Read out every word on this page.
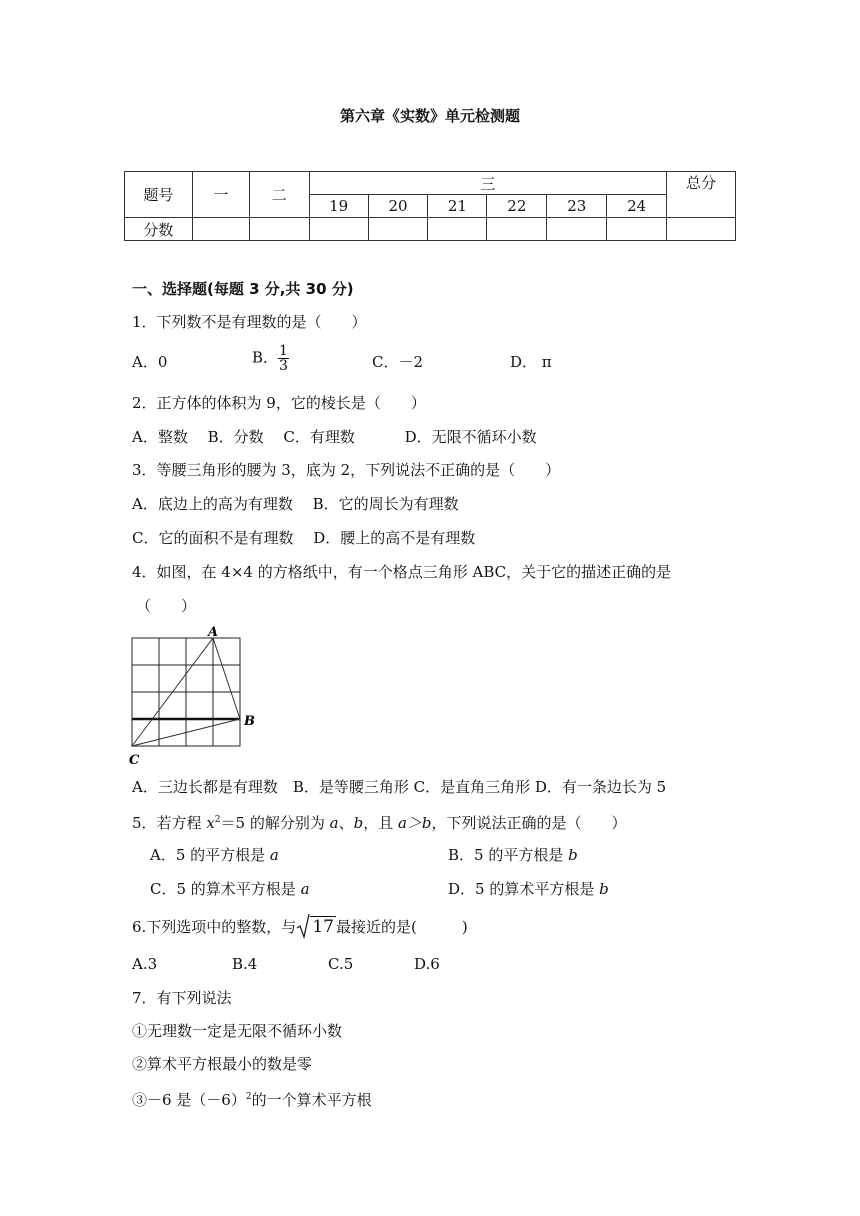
第六章《实数》单元检测题
题号	一	二	三						总分
			19	20	21	22	23	24	
分数									
一、选择题(每题 3 分,共 30 分)
1．下列数不是有理数的是（　　）
A．0	B． $\frac{1}{3}$	C．－2	D． π
2．正方体的体积为 9，它的棱长是（　　）
A．整数　 B．分数　 C．有理数　　　 D．无限不循环小数
3．等腰三角形的腰为 3，底为 2，下列说法不正确的是（　　）
A．底边上的高为有理数　 B．它的周长为有理数
C．它的面积不是有理数　 D．腰上的高不是有理数
4．如图，在 4×4 的方格纸中，有一个格点三角形 ABC，关于它的描述正确的是
（　　）
A
B
C
A．三边长都是有理数　B．是等腰三角形 C．是直角三角形 D．有一条边长为 5
5．若方程 $x^2=5$ 的解分别为 a、b，且 a＞b，下列说法正确的是（　　）
A．5 的平方根是 a	B．5 的平方根是 b
C．5 的算术平方根是 a	D．5 的算术平方根是 b
6.下列选项中的整数，与 17 最接近的是(　　　)
A.3	B.4	C.5	D.6
7．有下列说法
①无理数一定是无限不循环小数
②算术平方根最小的数是零
③－6 是$(-6)^2$的一个算术平方根
